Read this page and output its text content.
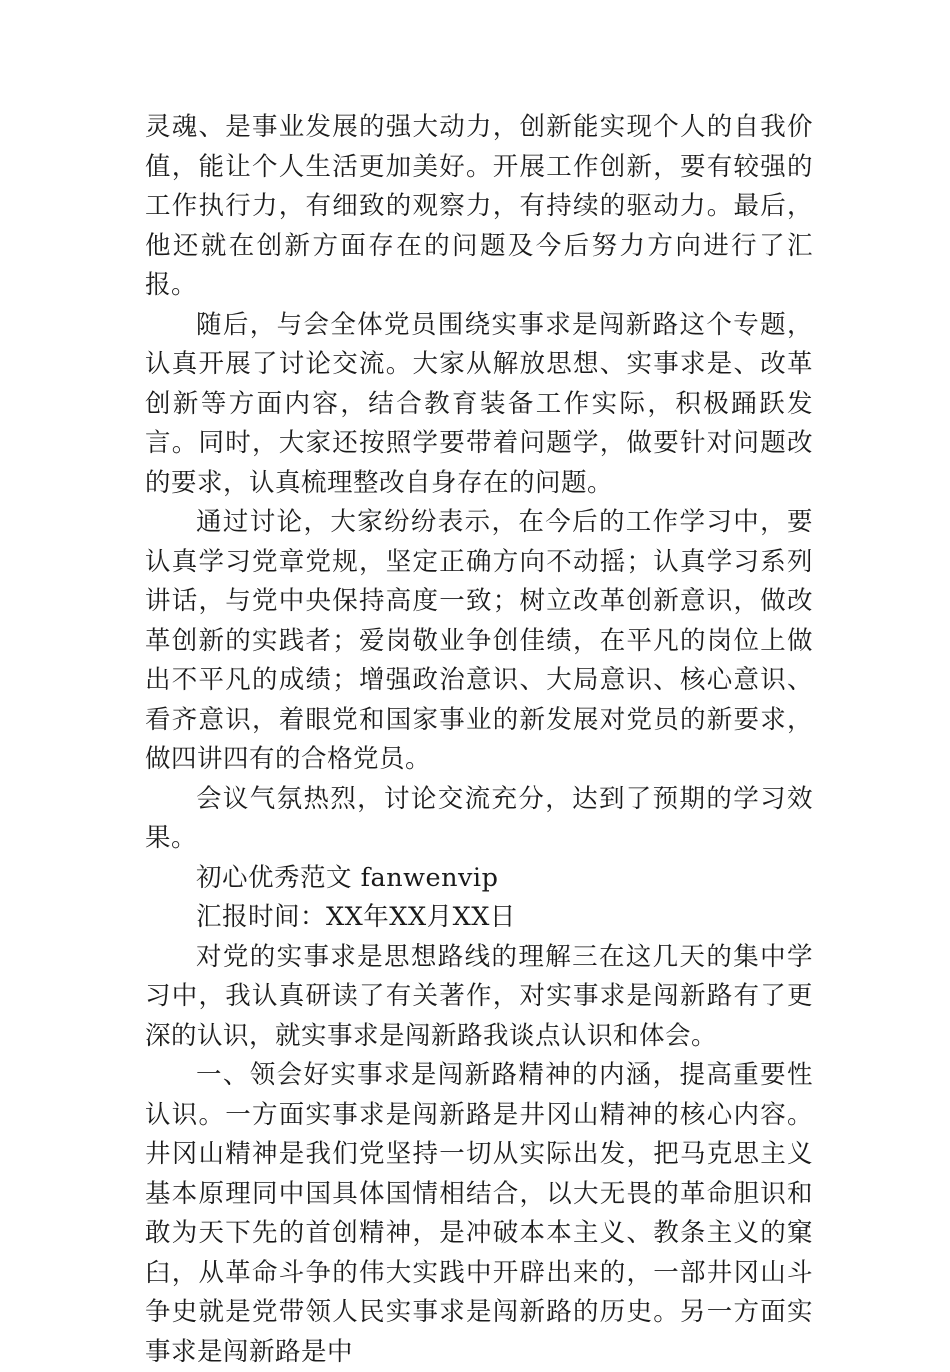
灵魂、是事业发展的强大动力，创新能实现个人的自我价值，能让个人生活更加美好。开展工作创新，要有较强的工作执行力，有细致的观察力，有持续的驱动力。最后，他还就在创新方面存在的问题及今后努力方向进行了汇报。

随后，与会全体党员围绕实事求是闯新路这个专题，认真开展了讨论交流。大家从解放思想、实事求是、改革创新等方面内容，结合教育装备工作实际，积极踊跃发言。同时，大家还按照学要带着问题学，做要针对问题改的要求，认真梳理整改自身存在的问题。

通过讨论，大家纷纷表示，在今后的工作学习中，要认真学习党章党规，坚定正确方向不动摇；认真学习系列讲话，与党中央保持高度一致；树立改革创新意识，做改革创新的实践者；爱岗敬业争创佳绩，在平凡的岗位上做出不平凡的成绩；增强政治意识、大局意识、核心意识、看齐意识，着眼党和国家事业的新发展对党员的新要求，做四讲四有的合格党员。

会议气氛热烈，讨论交流充分，达到了预期的学习效果。

初心优秀范文 fanwenvip

汇报时间：XX年XX月XX日

对党的实事求是思想路线的理解三在这几天的集中学习中，我认真研读了有关著作，对实事求是闯新路有了更深的认识，就实事求是闯新路我谈点认识和体会。

一、领会好实事求是闯新路精神的内涵，提高重要性认识。一方面实事求是闯新路是井冈山精神的核心内容。井冈山精神是我们党坚持一切从实际出发，把马克思主义基本原理同中国具体国情相结合，以大无畏的革命胆识和敢为天下先的首创精神，是冲破本本主义、教条主义的窠臼，从革命斗争的伟大实践中开辟出来的，一部井冈山斗争史就是党带领人民实事求是闯新路的历史。另一方面实事求是闯新路是中
